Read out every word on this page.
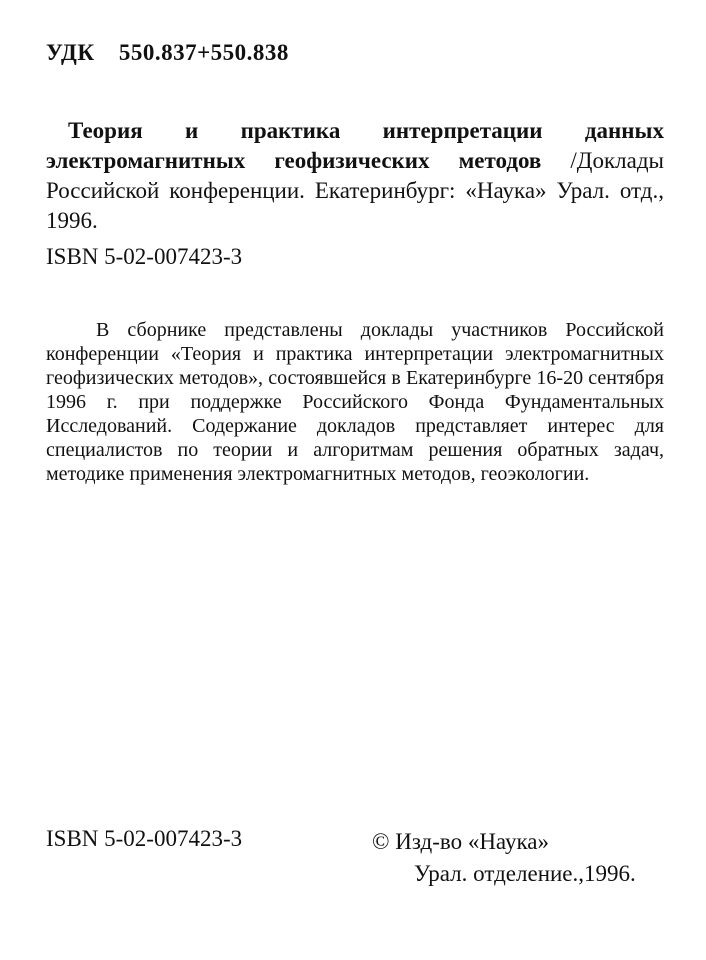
УДК 550.837+550.838
Теория и практика интерпретации данных электромагнитных геофизических методов /Доклады Российской конференции. Екатеринбург: «Наука» Урал. отд., 1996.
ISBN 5-02-007423-3

В сборнике представлены доклады участников Российской конференции «Теория и практика интерпретации электромагнитных геофизических методов», состоявшейся в Екатеринбурге 16-20 сентября 1996 г. при поддержке Российского Фонда Фундаментальных Исследований. Содержание докладов представляет интерес для специалистов по теории и алгоритмам решения обратных задач, методике применения электромагнитных методов, геоэкологии.

ISBN 5-02-007423-3	© Изд-во «Наука»
Урал. отделение.,1996.
